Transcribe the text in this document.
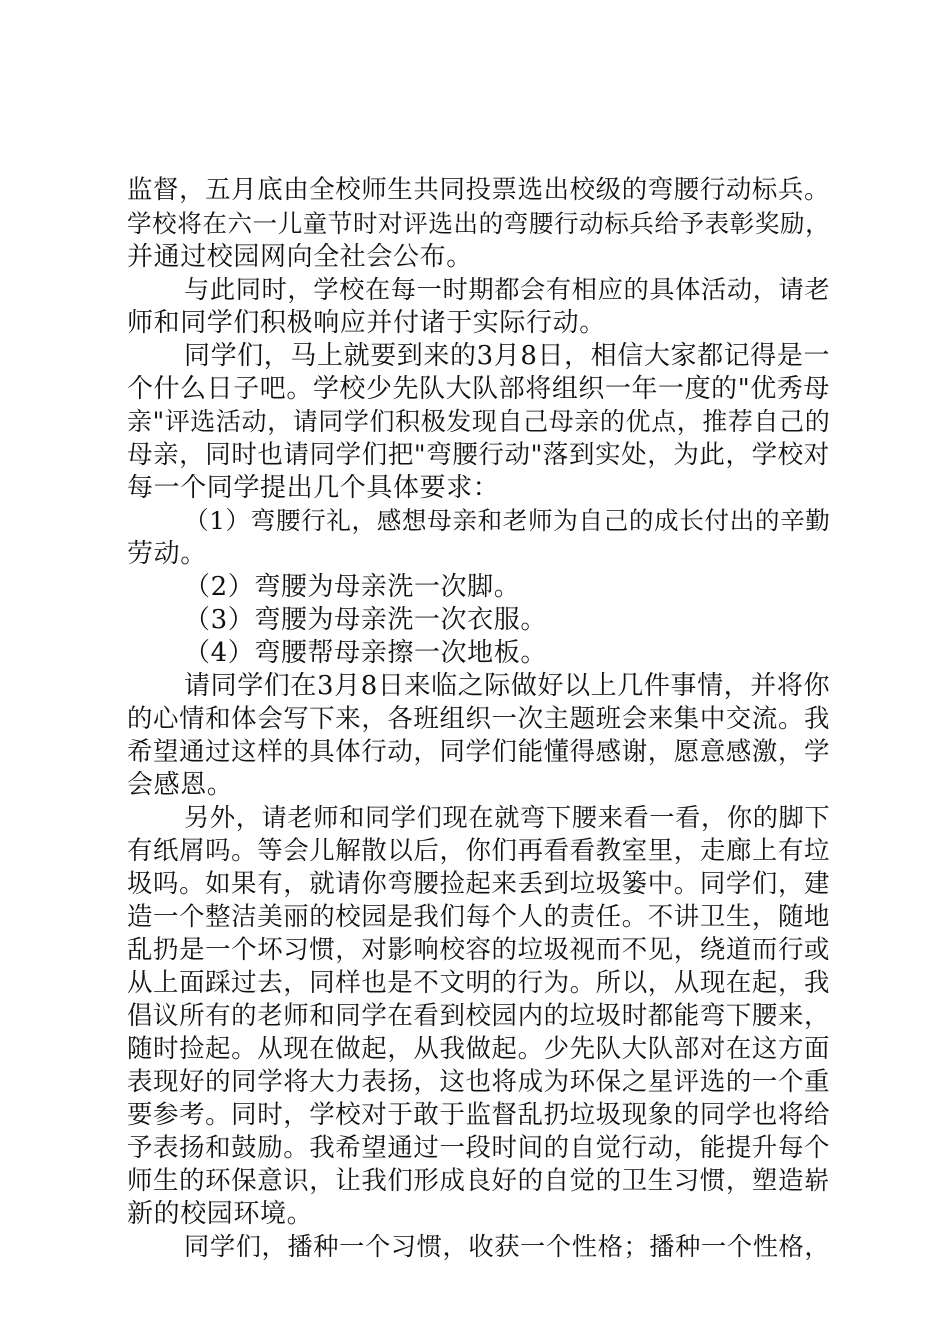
监督，五月底由全校师生共同投票选出校级的弯腰行动标兵。
学校将在六一儿童节时对评选出的弯腰行动标兵给予表彰奖励，
并通过校园网向全社会公布。
与此同时，学校在每一时期都会有相应的具体活动，请老
师和同学们积极响应并付诸于实际行动。
同学们，马上就要到来的3月8日，相信大家都记得是一
个什么日子吧。学校少先队大队部将组织一年一度的"优秀母
亲"评选活动，请同学们积极发现自己母亲的优点，推荐自己的
母亲，同时也请同学们把"弯腰行动"落到实处，为此，学校对
每一个同学提出几个具体要求：
（1）弯腰行礼，感想母亲和老师为自己的成长付出的辛勤
劳动。
（2）弯腰为母亲洗一次脚。
（3）弯腰为母亲洗一次衣服。
（4）弯腰帮母亲擦一次地板。
请同学们在3月8日来临之际做好以上几件事情，并将你
的心情和体会写下来，各班组织一次主题班会来集中交流。我
希望通过这样的具体行动，同学们能懂得感谢，愿意感激，学
会感恩。
另外，请老师和同学们现在就弯下腰来看一看，你的脚下
有纸屑吗。等会儿解散以后，你们再看看教室里，走廊上有垃
圾吗。如果有，就请你弯腰捡起来丢到垃圾篓中。同学们，建
造一个整洁美丽的校园是我们每个人的责任。不讲卫生，随地
乱扔是一个坏习惯，对影响校容的垃圾视而不见，绕道而行或
从上面踩过去，同样也是不文明的行为。所以，从现在起，我
倡议所有的老师和同学在看到校园内的垃圾时都能弯下腰来，
随时捡起。从现在做起，从我做起。少先队大队部对在这方面
表现好的同学将大力表扬，这也将成为环保之星评选的一个重
要参考。同时，学校对于敢于监督乱扔垃圾现象的同学也将给
予表扬和鼓励。我希望通过一段时间的自觉行动，能提升每个
师生的环保意识，让我们形成良好的自觉的卫生习惯，塑造崭
新的校园环境。
同学们，播种一个习惯，收获一个性格；播种一个性格，
